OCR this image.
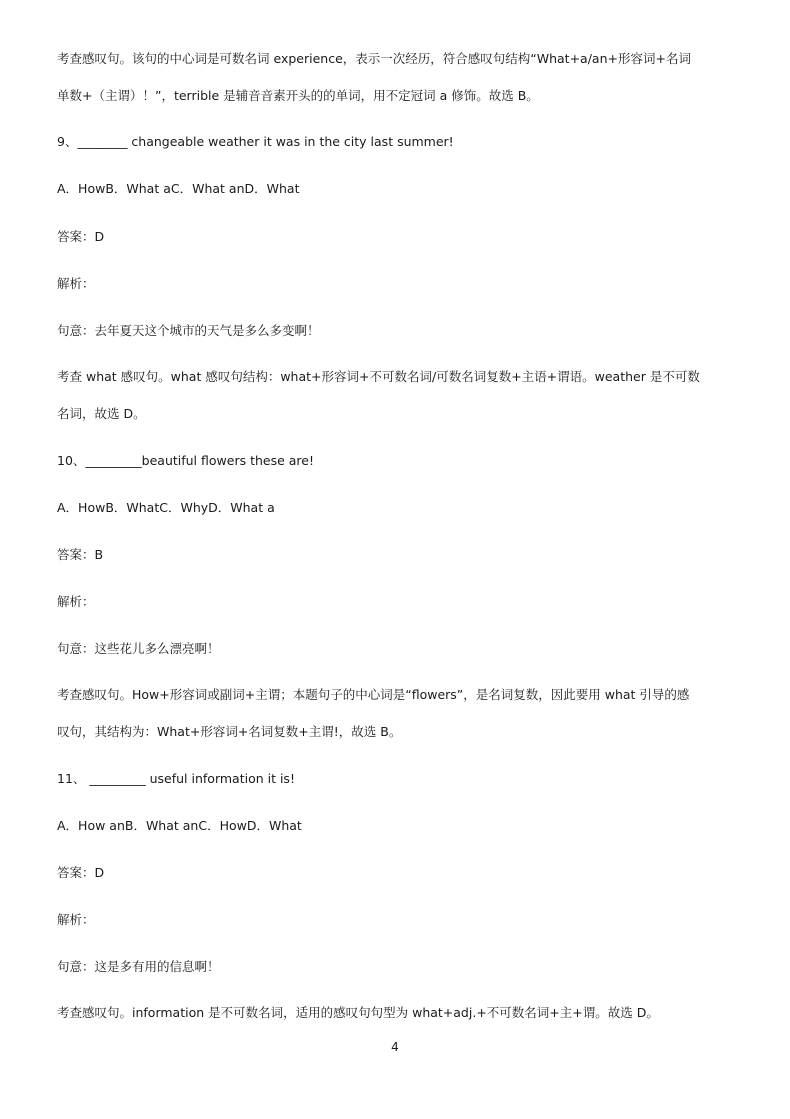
考查感叹句。该句的中心词是可数名词 experience，表示一次经历，符合感叹句结构“What+a/an+形容词+名词
单数+（主谓）！”，terrible 是辅音音素开头的的单词，用不定冠词 a 修饰。故选 B。
9、________ changeable weather it was in the city last summer!
A．HowB．What aC．What anD．What
答案：D
解析：
句意：去年夏天这个城市的天气是多么多变啊！
考查 what 感叹句。what 感叹句结构：what+形容词+不可数名词/可数名词复数+主语+谓语。weather 是不可数
名词，故选 D。
10、_________beautiful flowers these are!
A．HowB．WhatC．WhyD．What a
答案：B
解析：
句意：这些花儿多么漂亮啊！
考查感叹句。How+形容词或副词+主谓；本题句子的中心词是“flowers”，是名词复数，因此要用 what 引导的感
叹句，其结构为：What+形容词+名词复数+主谓!，故选 B。
11、 _________ useful information it is!
A．How anB．What anC．HowD．What
答案：D
解析：
句意：这是多有用的信息啊！
考查感叹句。information 是不可数名词，适用的感叹句句型为 what+adj.+不可数名词+主+谓。故选 D。
4
